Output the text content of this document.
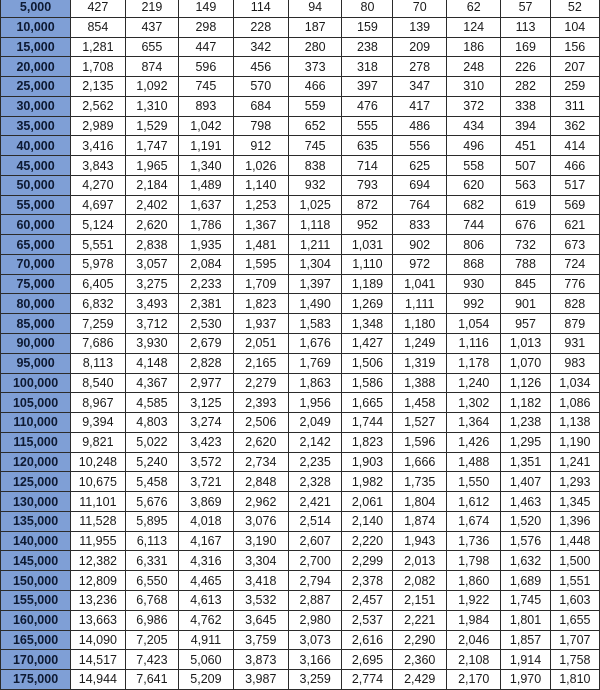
5,000	427	219	149	114	94	80	70	62	57	52
10,000	854	437	298	228	187	159	139	124	113	104
15,000	1,281	655	447	342	280	238	209	186	169	156
20,000	1,708	874	596	456	373	318	278	248	226	207
25,000	2,135	1,092	745	570	466	397	347	310	282	259
30,000	2,562	1,310	893	684	559	476	417	372	338	311
35,000	2,989	1,529	1,042	798	652	555	486	434	394	362
40,000	3,416	1,747	1,191	912	745	635	556	496	451	414
45,000	3,843	1,965	1,340	1,026	838	714	625	558	507	466
50,000	4,270	2,184	1,489	1,140	932	793	694	620	563	517
55,000	4,697	2,402	1,637	1,253	1,025	872	764	682	619	569
60,000	5,124	2,620	1,786	1,367	1,118	952	833	744	676	621
65,000	5,551	2,838	1,935	1,481	1,211	1,031	902	806	732	673
70,000	5,978	3,057	2,084	1,595	1,304	1,110	972	868	788	724
75,000	6,405	3,275	2,233	1,709	1,397	1,189	1,041	930	845	776
80,000	6,832	3,493	2,381	1,823	1,490	1,269	1,111	992	901	828
85,000	7,259	3,712	2,530	1,937	1,583	1,348	1,180	1,054	957	879
90,000	7,686	3,930	2,679	2,051	1,676	1,427	1,249	1,116	1,013	931
95,000	8,113	4,148	2,828	2,165	1,769	1,506	1,319	1,178	1,070	983
100,000	8,540	4,367	2,977	2,279	1,863	1,586	1,388	1,240	1,126	1,034
105,000	8,967	4,585	3,125	2,393	1,956	1,665	1,458	1,302	1,182	1,086
110,000	9,394	4,803	3,274	2,506	2,049	1,744	1,527	1,364	1,238	1,138
115,000	9,821	5,022	3,423	2,620	2,142	1,823	1,596	1,426	1,295	1,190
120,000	10,248	5,240	3,572	2,734	2,235	1,903	1,666	1,488	1,351	1,241
125,000	10,675	5,458	3,721	2,848	2,328	1,982	1,735	1,550	1,407	1,293
130,000	11,101	5,676	3,869	2,962	2,421	2,061	1,804	1,612	1,463	1,345
135,000	11,528	5,895	4,018	3,076	2,514	2,140	1,874	1,674	1,520	1,396
140,000	11,955	6,113	4,167	3,190	2,607	2,220	1,943	1,736	1,576	1,448
145,000	12,382	6,331	4,316	3,304	2,700	2,299	2,013	1,798	1,632	1,500
150,000	12,809	6,550	4,465	3,418	2,794	2,378	2,082	1,860	1,689	1,551
155,000	13,236	6,768	4,613	3,532	2,887	2,457	2,151	1,922	1,745	1,603
160,000	13,663	6,986	4,762	3,645	2,980	2,537	2,221	1,984	1,801	1,655
165,000	14,090	7,205	4,911	3,759	3,073	2,616	2,290	2,046	1,857	1,707
170,000	14,517	7,423	5,060	3,873	3,166	2,695	2,360	2,108	1,914	1,758
175,000	14,944	7,641	5,209	3,987	3,259	2,774	2,429	2,170	1,970	1,810
